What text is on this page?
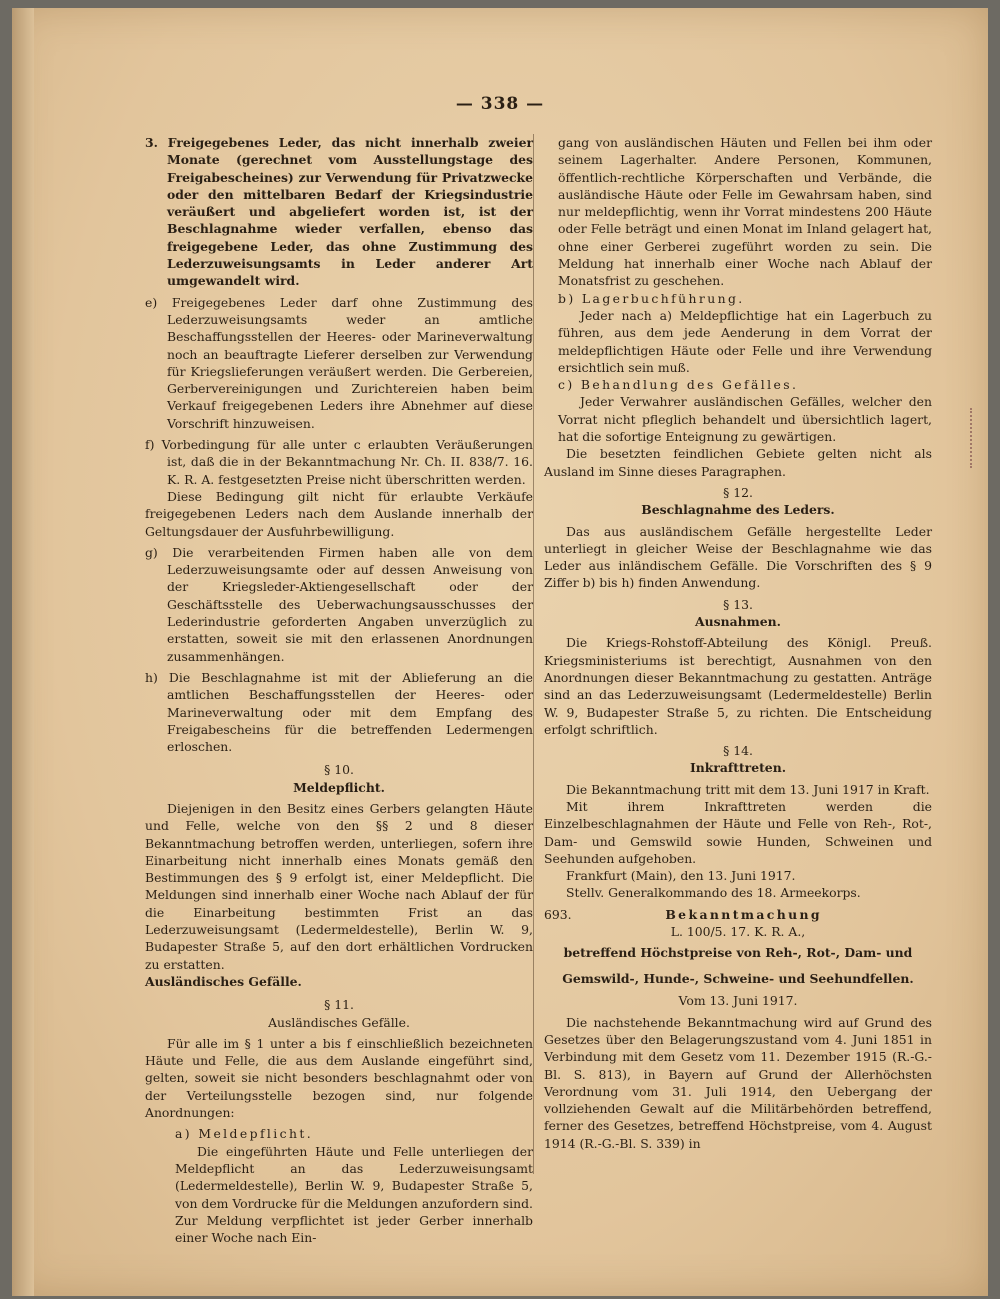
— 338 —

3. Freigegebenes Leder, das nicht innerhalb zweier Monate (gerechnet vom Ausstellungstage des Freigabescheines) zur Verwendung für Privatzwecke oder den mittelbaren Bedarf der Kriegsindustrie veräußert und abgeliefert worden ist, ist der Beschlagnahme wieder verfallen, ebenso das freigegebene Leder, das ohne Zustimmung des Lederzuweisungsamts in Leder anderer Art umgewandelt wird.

e) Freigegebenes Leder darf ohne Zustimmung des Lederzuweisungsamts weder an amtliche Beschaffungsstellen der Heeres- oder Marineverwaltung noch an beauftragte Lieferer derselben zur Verwendung für Kriegslieferungen veräußert werden. Die Gerbereien, Gerbervereinigungen und Zurichtereien haben beim Verkauf freigegebenen Leders ihre Abnehmer auf diese Vorschrift hinzuweisen.

f) Vorbedingung für alle unter c erlaubten Veräußerungen ist, daß die in der Bekanntmachung Nr. Ch. II. 838/7. 16. K. R. A. festgesetzten Preise nicht überschritten werden.

Diese Bedingung gilt nicht für erlaubte Verkäufe freigegebenen Leders nach dem Auslande innerhalb der Geltungsdauer der Ausfuhrbewilligung.

g) Die verarbeitenden Firmen haben alle von dem Lederzuweisungsamte oder auf dessen Anweisung von der Kriegsleder-Aktiengesellschaft oder der Geschäftsstelle des Ueberwachungsausschusses der Lederindustrie geforderten Angaben unverzüglich zu erstatten, soweit sie mit den erlassenen Anordnungen zusammenhängen.

h) Die Beschlagnahme ist mit der Ablieferung an die amtlichen Beschaffungsstellen der Heeres- oder Marineverwaltung oder mit dem Empfang des Freigabescheins für die betreffenden Ledermengen erloschen.

§ 10.

Meldepflicht.

Diejenigen in den Besitz eines Gerbers gelangten Häute und Felle, welche von den §§ 2 und 8 dieser Bekanntmachung betroffen werden, unterliegen, sofern ihre Einarbeitung nicht innerhalb eines Monats gemäß den Bestimmungen des § 9 erfolgt ist, einer Meldepflicht. Die Meldungen sind innerhalb einer Woche nach Ablauf der für die Einarbeitung bestimmten Frist an das Lederzuweisungsamt (Ledermeldestelle), Berlin W. 9, Budapester Straße 5, auf den dort erhältlichen Vordrucken zu erstatten.

Ausländisches Gefälle.

§ 11.

Ausländisches Gefälle.

Für alle im § 1 unter a bis f einschließlich bezeichneten Häute und Felle, die aus dem Auslande eingeführt sind, gelten, soweit sie nicht besonders beschlagnahmt oder von der Verteilungsstelle bezogen sind, nur folgende Anordnungen:

a) Meldepflicht.

Die eingeführten Häute und Felle unterliegen der Meldepflicht an das Lederzuweisungsamt (Ledermeldestelle), Berlin W. 9, Budapester Straße 5, von dem Vordrucke für die Meldungen anzufordern sind. Zur Meldung verpflichtet ist jeder Gerber innerhalb einer Woche nach Ein-

gang von ausländischen Häuten und Fellen bei ihm oder seinem Lagerhalter. Andere Personen, Kommunen, öffentlich-rechtliche Körperschaften und Verbände, die ausländische Häute oder Felle im Gewahrsam haben, sind nur meldepflichtig, wenn ihr Vorrat mindestens 200 Häute oder Felle beträgt und einen Monat im Inland gelagert hat, ohne einer Gerberei zugeführt worden zu sein. Die Meldung hat innerhalb einer Woche nach Ablauf der Monatsfrist zu geschehen.

b) Lagerbuchführung.

Jeder nach a) Meldepflichtige hat ein Lagerbuch zu führen, aus dem jede Aenderung in dem Vorrat der meldepflichtigen Häute oder Felle und ihre Verwendung ersichtlich sein muß.

c) Behandlung des Gefälles.

Jeder Verwahrer ausländischen Gefälles, welcher den Vorrat nicht pfleglich behandelt und übersichtlich lagert, hat die sofortige Enteignung zu gewärtigen.

Die besetzten feindlichen Gebiete gelten nicht als Ausland im Sinne dieses Paragraphen.

§ 12.

Beschlagnahme des Leders.

Das aus ausländischem Gefälle hergestellte Leder unterliegt in gleicher Weise der Beschlagnahme wie das Leder aus inländischem Gefälle. Die Vorschriften des § 9 Ziffer b) bis h) finden Anwendung.

§ 13.

Ausnahmen.

Die Kriegs-Rohstoff-Abteilung des Königl. Preuß. Kriegsministeriums ist berechtigt, Ausnahmen von den Anordnungen dieser Bekanntmachung zu gestatten. Anträge sind an das Lederzuweisungsamt (Ledermeldestelle) Berlin W. 9, Budapester Straße 5, zu richten. Die Entscheidung erfolgt schriftlich.

§ 14.

Inkrafttreten.

Die Bekanntmachung tritt mit dem 13. Juni 1917 in Kraft.

Mit ihrem Inkrafttreten werden die Einzelbeschlagnahmen der Häute und Felle von Reh-, Rot-, Dam- und Gemswild sowie Hunden, Schweinen und Seehunden aufgehoben.

Frankfurt (Main), den 13. Juni 1917.

Stellv. Generalkommando des 18. Armeekorps.

693.	Bekanntmachung

L. 100/5. 17. K. R. A.,

betreffend Höchstpreise von Reh-, Rot-, Dam- und Gemswild-, Hunde-, Schweine- und Seehundfellen.

Vom 13. Juni 1917.

Die nachstehende Bekanntmachung wird auf Grund des Gesetzes über den Belagerungszustand vom 4. Juni 1851 in Verbindung mit dem Gesetz vom 11. Dezember 1915 (R.-G.-Bl. S. 813), in Bayern auf Grund der Allerhöchsten Verordnung vom 31. Juli 1914, den Uebergang der vollziehenden Gewalt auf die Militärbehörden betreffend, ferner des Gesetzes, betreffend Höchstpreise, vom 4. August 1914 (R.-G.-Bl. S. 339) in
